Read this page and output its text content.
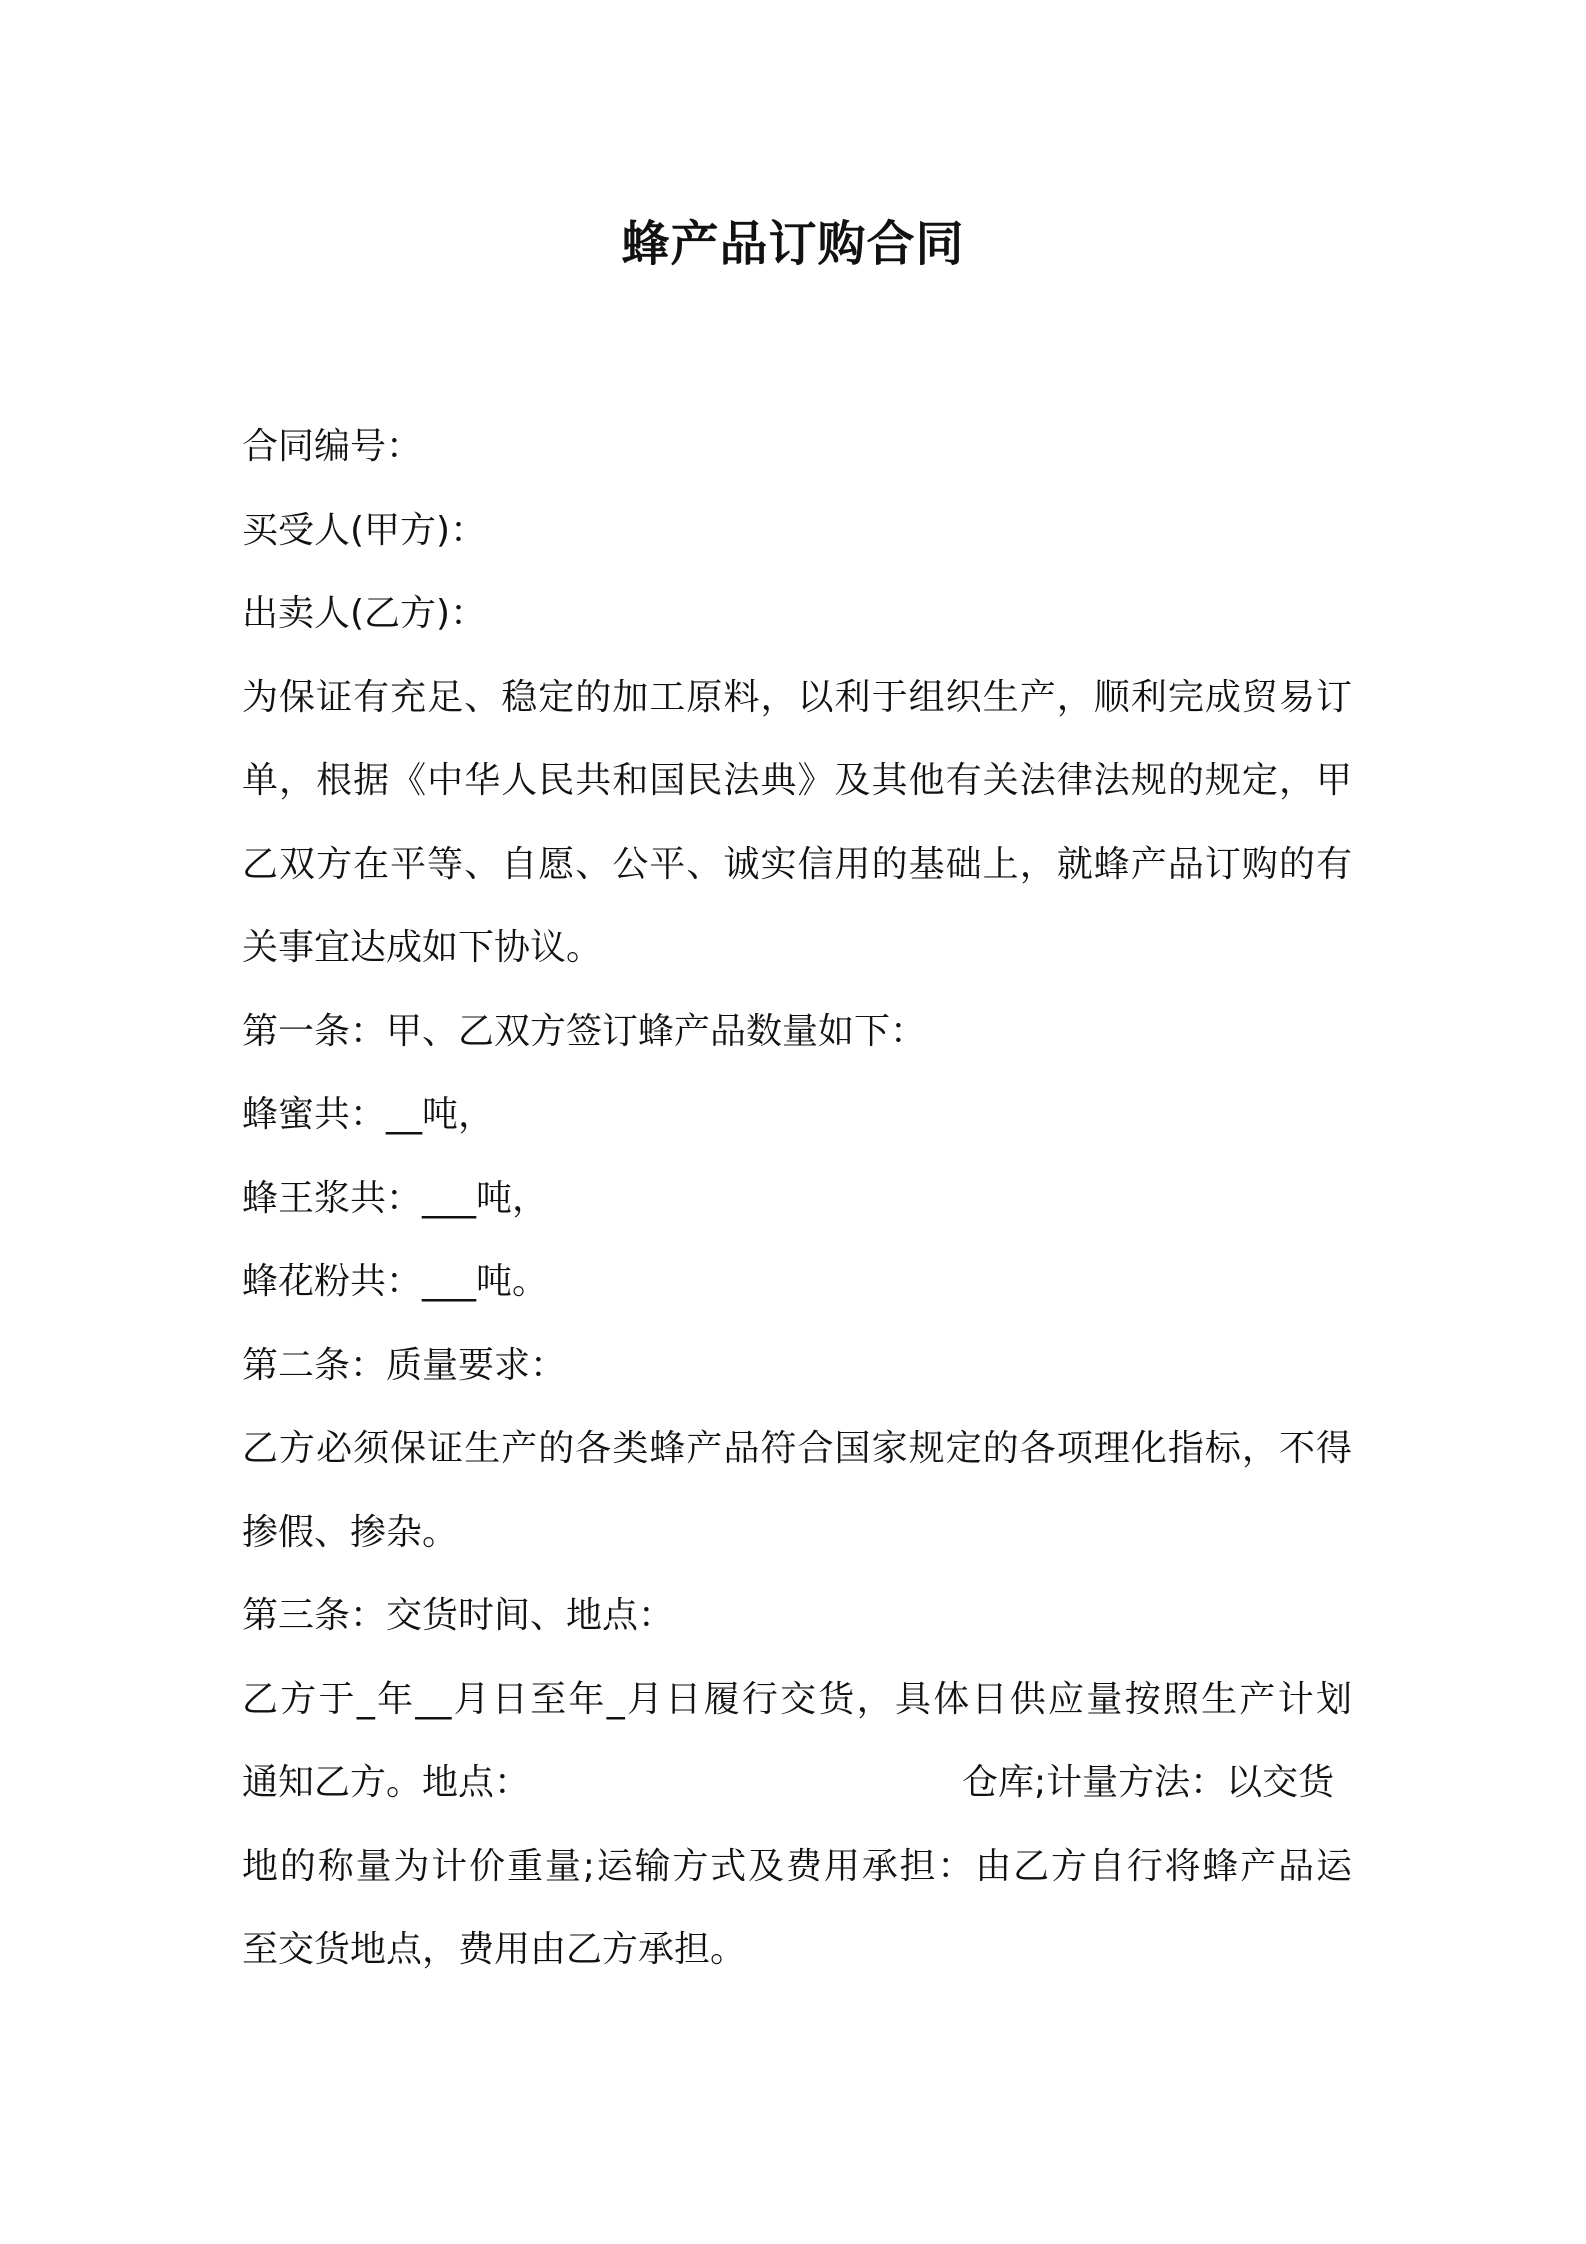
蜂产品订购合同
合同编号：
买受人(甲方)：
出卖人(乙方)：
为保证有充足、稳定的加工原料，以利于组织生产，顺利完成贸易订
单，根据《中华人民共和国民法典》及其他有关法律法规的规定，甲
乙双方在平等、自愿、公平、诚实信用的基础上，就蜂产品订购的有
关事宜达成如下协议。
第一条：甲、乙双方签订蜂产品数量如下：
蜂蜜共：__吨，
蜂王浆共：___吨，
蜂花粉共：___吨。
第二条：质量要求：
乙方必须保证生产的各类蜂产品符合国家规定的各项理化指标，不得
掺假、掺杂。
第三条：交货时间、地点：
乙方于_年__月日至年_月日履行交货，具体日供应量按照生产计划
通知乙方。地点：	仓库;计量方法：以交货
地的称量为计价重量;运输方式及费用承担：由乙方自行将蜂产品运
至交货地点，费用由乙方承担。
